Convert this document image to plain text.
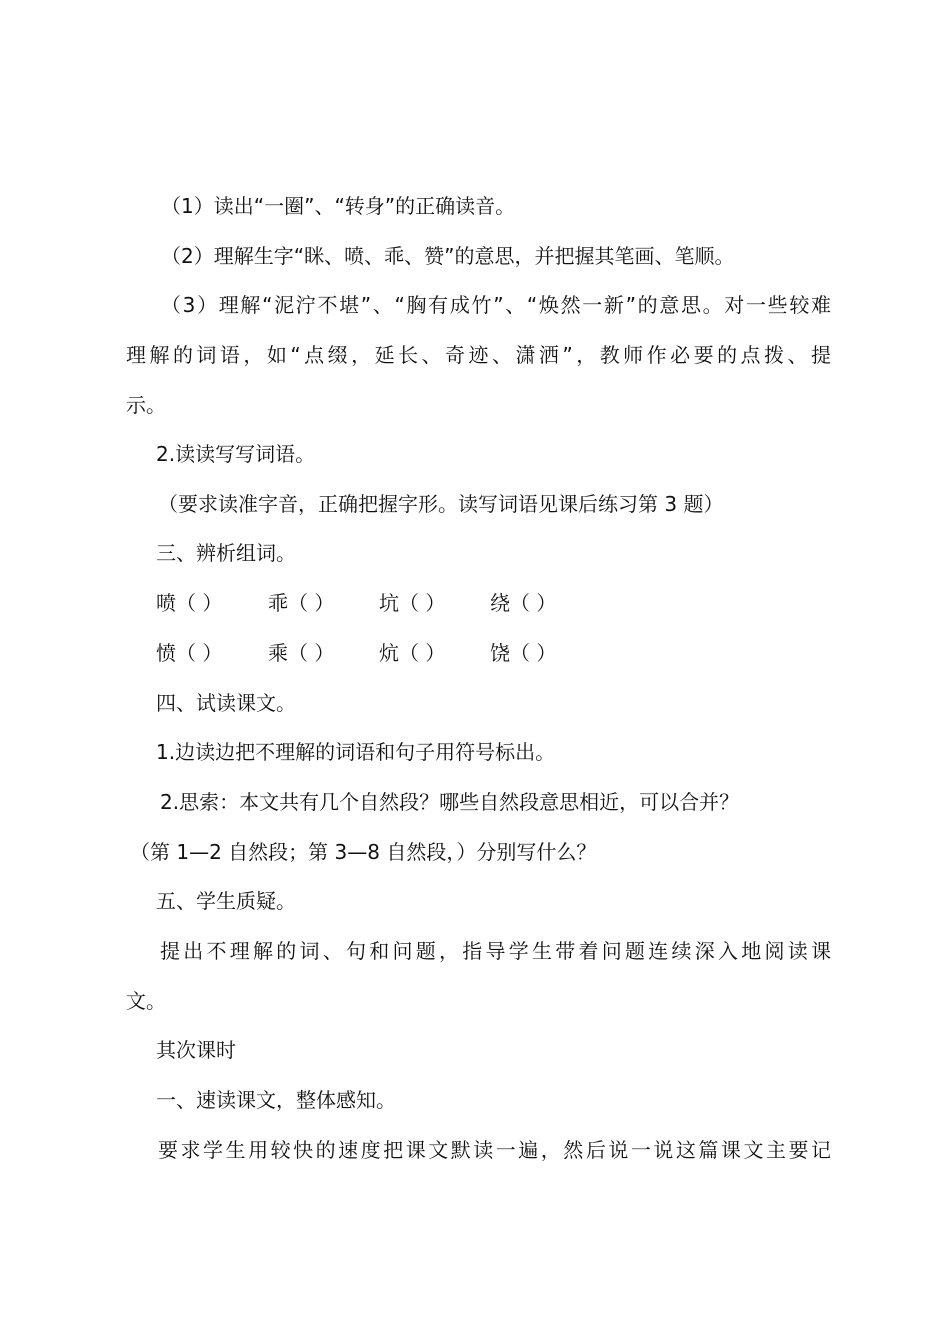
（1）读出“一圈”、“转身”的正确读音。
（2）理解生字“眯、喷、乖、赞”的意思，并把握其笔画、笔顺。
（3）理解“泥泞不堪”、“胸有成竹”、“焕然一新”的意思。对一些较难
理解的词语，如“点缀，延长、奇迹、潇洒”，教师作必要的点拨、提
示。
2.读读写写词语。
（要求读准字音，正确把握字形。读写词语见课后练习第 3 题）
三、辨析组词。
喷（ ） 乖（ ） 坑（ ） 绕（ ）
愤（ ） 乘（ ） 炕（ ） 饶（ ）
四、试读课文。
1.边读边把不理解的词语和句子用符号标出。
2.思索：本文共有几个自然段？哪些自然段意思相近，可以合并？
（第 1—2 自然段；第 3—8 自然段，）分别写什么？
五、学生质疑。
提出不理解的词、句和问题，指导学生带着问题连续深入地阅读课
文。
其次课时
一、速读课文，整体感知。
要求学生用较快的速度把课文默读一遍，然后说一说这篇课文主要记
